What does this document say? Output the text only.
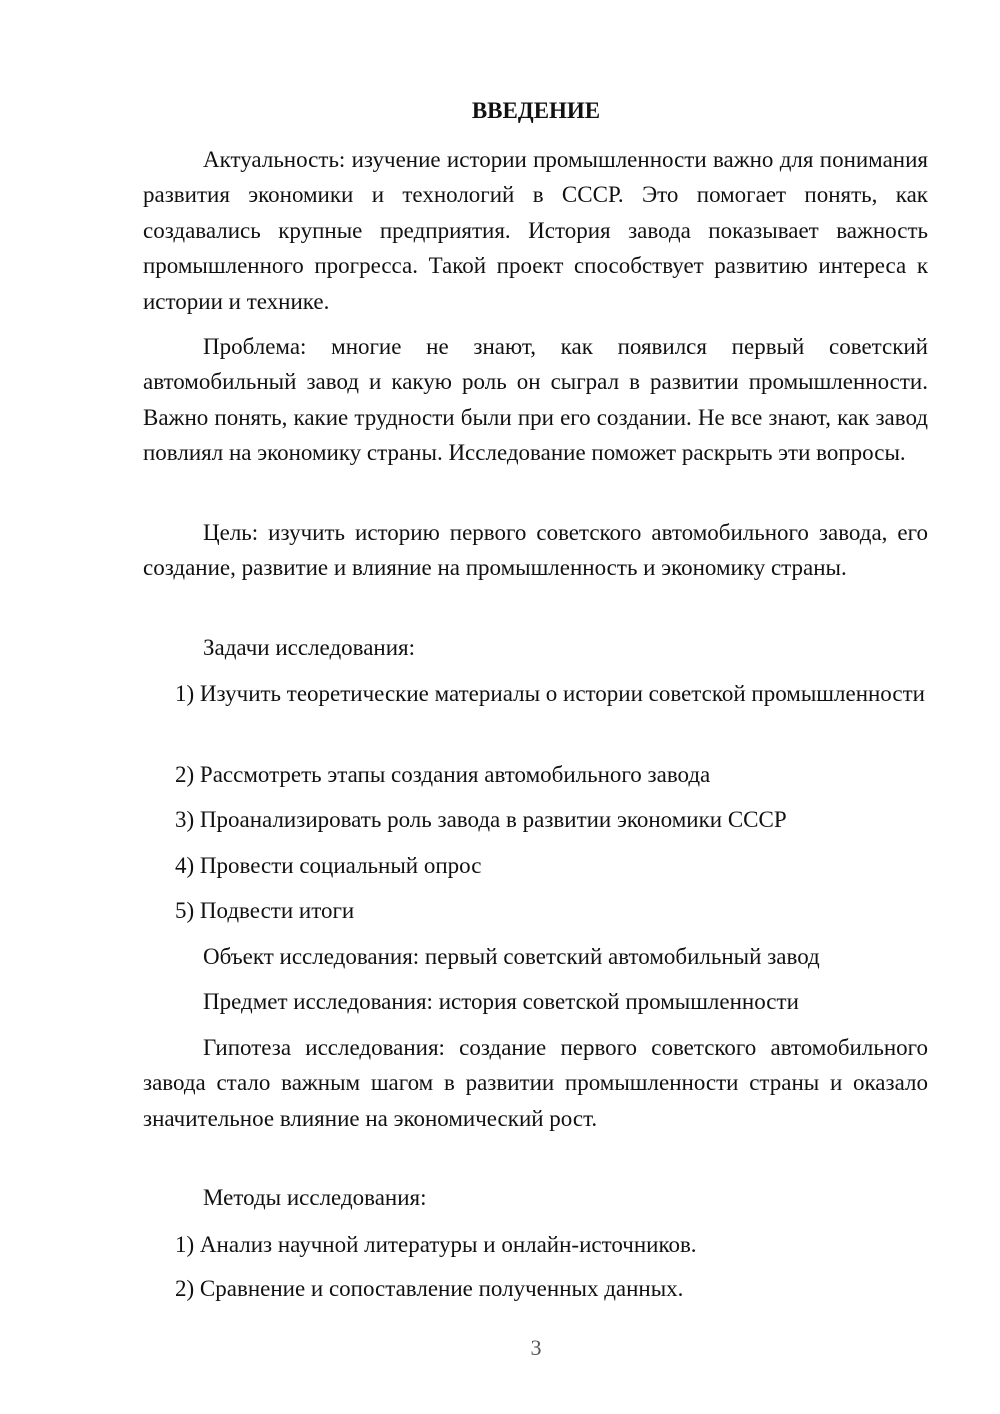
ВВЕДЕНИЕ

Актуальность: изучение истории промышленности важно для понимания развития экономики и технологий в СССР. Это помогает понять, как создавались крупные предприятия. История завода показывает важность промышленного прогресса. Такой проект способствует развитию интереса к истории и технике.

Проблема: многие не знают, как появился первый советский автомобильный завод и какую роль он сыграл в развитии промышленности. Важно понять, какие трудности были при его создании. Не все знают, как завод повлиял на экономику страны. Исследование поможет раскрыть эти вопросы.

Цель: изучить историю первого советского автомобильного завода, его создание, развитие и влияние на промышленность и экономику страны.

Задачи исследования:

1) Изучить теоретические материалы о истории советской промышленности

2) Рассмотреть этапы создания автомобильного завода

3) Проанализировать роль завода в развитии экономики СССР

4) Провести социальный опрос

5) Подвести итоги

Объект исследования: первый советский автомобильный завод

Предмет исследования: история советской промышленности

Гипотеза исследования: создание первого советского автомобильного завода стало важным шагом в развитии промышленности страны и оказало значительное влияние на экономический рост.

Методы исследования:

1) Анализ научной литературы и онлайн-источников.

2) Сравнение и сопоставление полученных данных.

3
